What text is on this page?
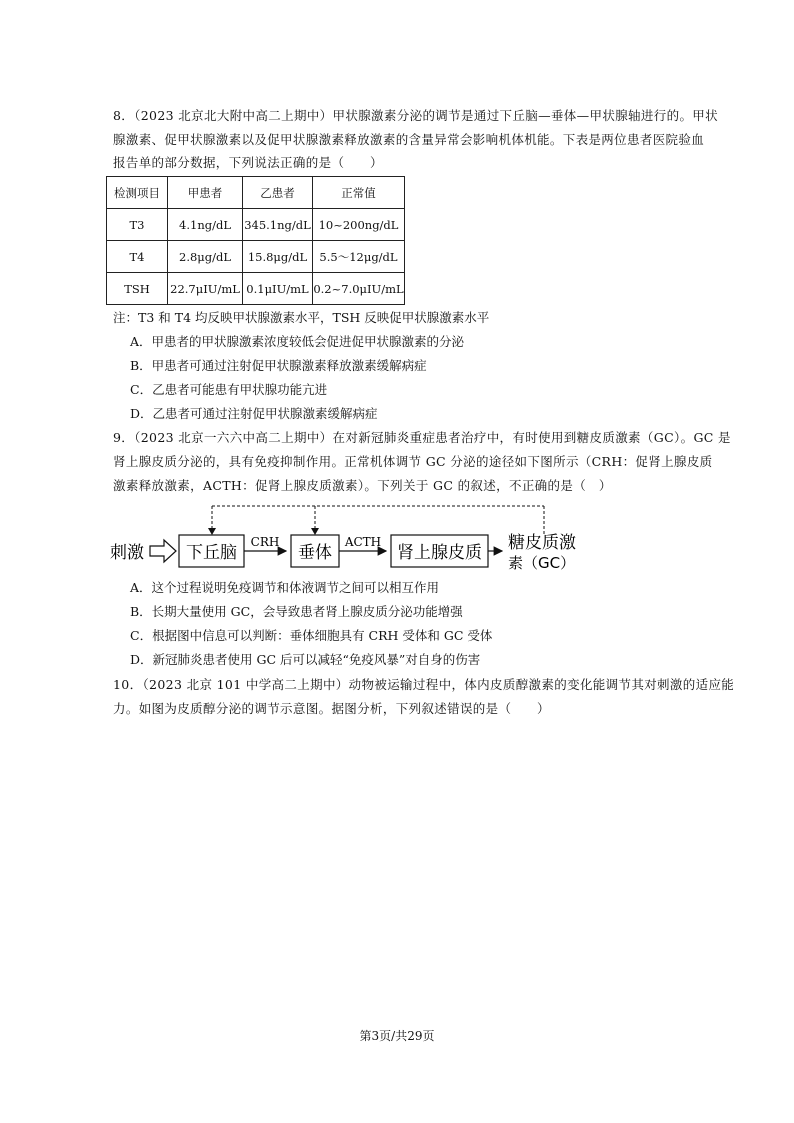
8．（2023 北京北大附中高二上期中）甲状腺激素分泌的调节是通过下丘脑—垂体—甲状腺轴进行的。甲状
腺激素、促甲状腺激素以及促甲状腺激素释放激素的含量异常会影响机体机能。下表是两位患者医院验血
报告单的部分数据，下列说法正确的是（　　）
检测项目	甲患者	乙患者	正常值
T3	4.1ng/dL	345.1ng/dL	10~200ng/dL
T4	2.8μg/dL	15.8μg/dL	5.5～12μg/dL
TSH	22.7μIU/mL	0.1μIU/mL	0.2~7.0μIU/mL
注：T3 和 T4 均反映甲状腺激素水平，TSH 反映促甲状腺激素水平
A．甲患者的甲状腺激素浓度较低会促进促甲状腺激素的分泌
B．甲患者可通过注射促甲状腺激素释放激素缓解病症
C．乙患者可能患有甲状腺功能亢进
D．乙患者可通过注射促甲状腺激素缓解病症
9．（2023 北京一六六中高二上期中）在对新冠肺炎重症患者治疗中，有时使用到糖皮质激素（GC）。GC 是
肾上腺皮质分泌的，具有免疫抑制作用。正常机体调节 GC 分泌的途径如下图所示（CRH：促肾上腺皮质
激素释放激素，ACTH：促肾上腺皮质激素）。下列关于 GC 的叙述，不正确的是（　）
刺激 下丘脑
CRH
垂体
ACTH
肾上腺皮质 糖皮质激
素（GC）
A．这个过程说明免疫调节和体液调节之间可以相互作用
B．长期大量使用 GC，会导致患者肾上腺皮质分泌功能增强
C．根据图中信息可以判断：垂体细胞具有 CRH 受体和 GC 受体
D．新冠肺炎患者使用 GC 后可以减轻“免疫风暴”对自身的伤害
10．（2023 北京 101 中学高二上期中）动物被运输过程中，体内皮质醇激素的变化能调节其对刺激的适应能
力。如图为皮质醇分泌的调节示意图。据图分析，下列叙述错误的是（　　）
第3页/共29页
